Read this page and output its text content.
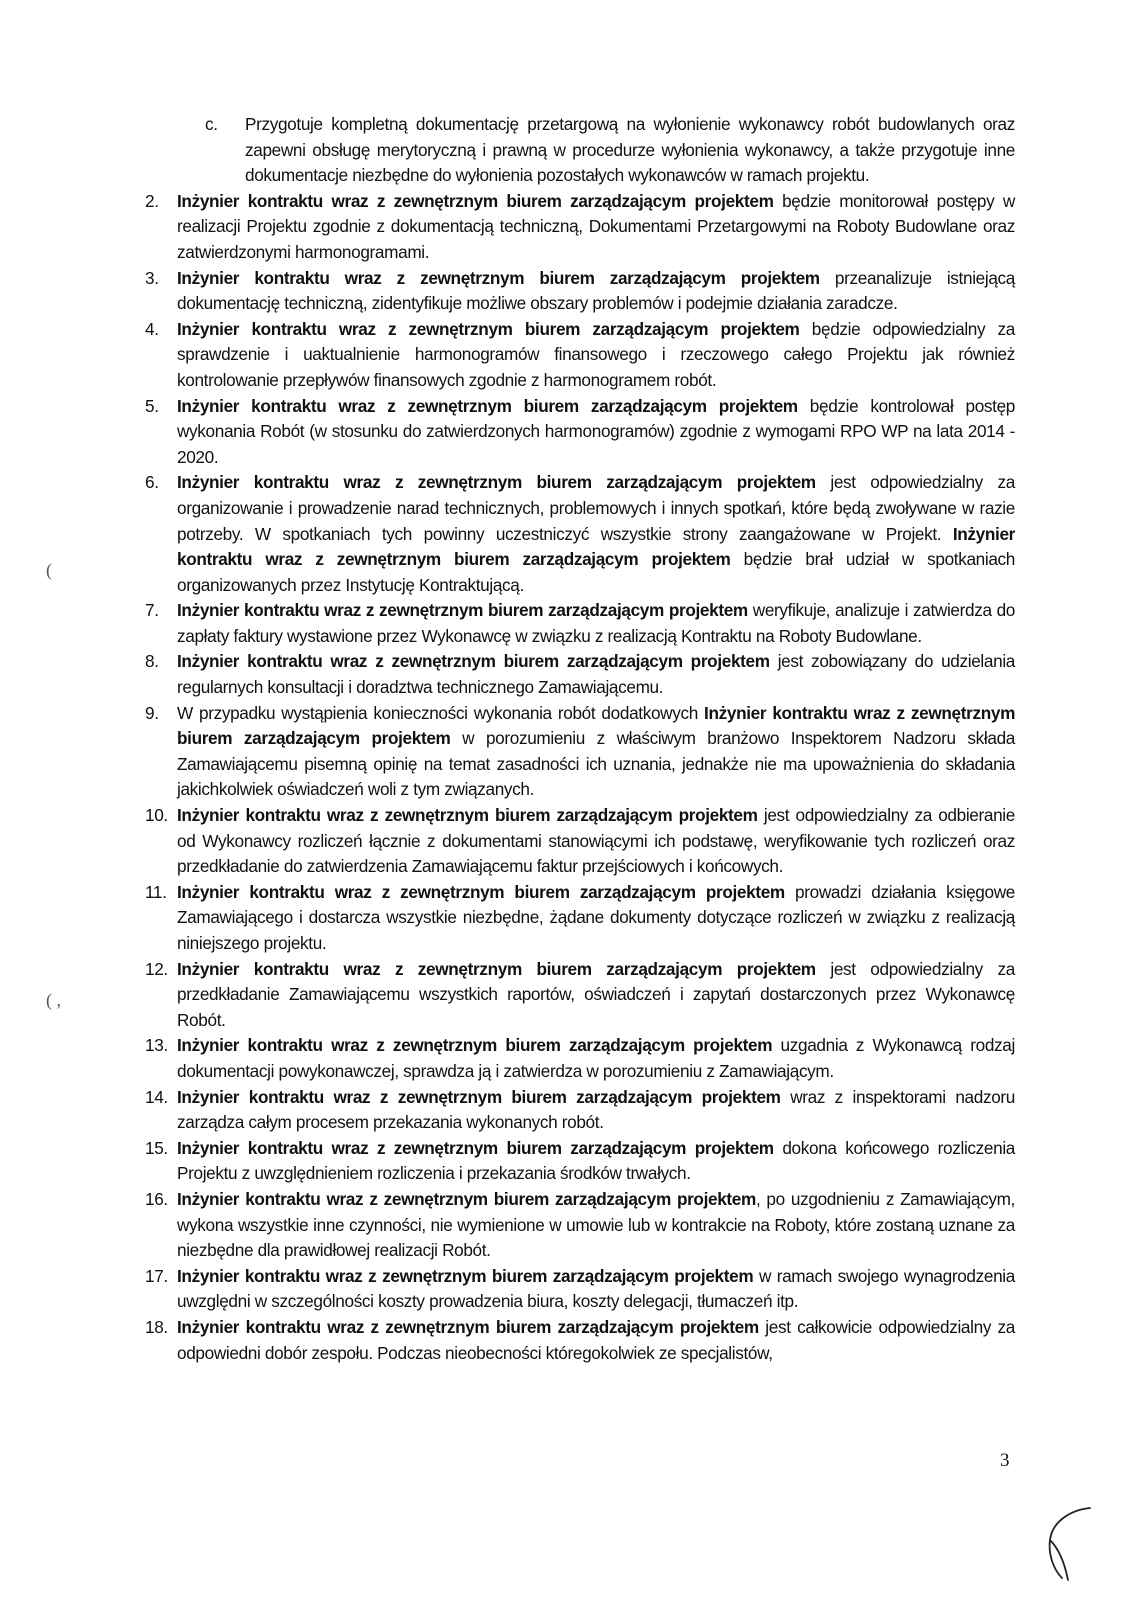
c.	Przygotuje kompletną dokumentację przetargową na wyłonienie wykonawcy robót budowlanych oraz zapewni obsługę merytoryczną i prawną w procedurze wyłonienia wykonawcy, a także przygotuje inne dokumentacje niezbędne do wyłonienia pozostałych wykonawców w ramach projektu.
2.	Inżynier kontraktu wraz z zewnętrznym biurem zarządzającym projektem będzie monitorował postępy w realizacji Projektu zgodnie z dokumentacją techniczną, Dokumentami Przetargowymi na Roboty Budowlane oraz zatwierdzonymi harmonogramami.
3.	Inżynier kontraktu wraz z zewnętrznym biurem zarządzającym projektem przeanalizuje istniejącą dokumentację techniczną, zidentyfikuje możliwe obszary problemów i podejmie działania zaradcze.
4.	Inżynier kontraktu wraz z zewnętrznym biurem zarządzającym projektem będzie odpowiedzialny za sprawdzenie i uaktualnienie harmonogramów finansowego i rzeczowego całego Projektu jak również kontrolowanie przepływów finansowych zgodnie z harmonogramem robót.
5.	Inżynier kontraktu wraz z zewnętrznym biurem zarządzającym projektem będzie kontrolował postęp wykonania Robót (w stosunku do zatwierdzonych harmonogramów) zgodnie z wymogami RPO WP na lata 2014 - 2020.
6.	Inżynier kontraktu wraz z zewnętrznym biurem zarządzającym projektem jest odpowiedzialny za organizowanie i prowadzenie narad technicznych, problemowych i innych spotkań, które będą zwoływane w razie potrzeby. W spotkaniach tych powinny uczestniczyć wszystkie strony zaangażowane w Projekt. Inżynier kontraktu wraz z zewnętrznym biurem zarządzającym projektem będzie brał udział w spotkaniach organizowanych przez Instytucję Kontraktującą.
7.	Inżynier kontraktu wraz z zewnętrznym biurem zarządzającym projektem weryfikuje, analizuje i zatwierdza do zapłaty faktury wystawione przez Wykonawcę w związku z realizacją Kontraktu na Roboty Budowlane.
8.	Inżynier kontraktu wraz z zewnętrznym biurem zarządzającym projektem jest zobowiązany do udzielania regularnych konsultacji i doradztwa technicznego Zamawiającemu.
9.	W przypadku wystąpienia konieczności wykonania robót dodatkowych Inżynier kontraktu wraz z zewnętrznym biurem zarządzającym projektem w porozumieniu z właściwym branżowo Inspektorem Nadzoru składa Zamawiającemu pisemną opinię na temat zasadności ich uznania, jednakże nie ma upoważnienia do składania jakichkolwiek oświadczeń woli z tym związanych.
10. Inżynier kontraktu wraz z zewnętrznym biurem zarządzającym projektem jest odpowiedzialny za odbieranie od Wykonawcy rozliczeń łącznie z dokumentami stanowiącymi ich podstawę, weryfikowanie tych rozliczeń oraz przedkładanie do zatwierdzenia Zamawiającemu faktur przejściowych i końcowych.
11. Inżynier kontraktu wraz z zewnętrznym biurem zarządzającym projektem prowadzi działania księgowe Zamawiającego i dostarcza wszystkie niezbędne, żądane dokumenty dotyczące rozliczeń w związku z realizacją niniejszego projektu.
12. Inżynier kontraktu wraz z zewnętrznym biurem zarządzającym projektem jest odpowiedzialny za przedkładanie Zamawiającemu wszystkich raportów, oświadczeń i zapytań dostarczonych przez Wykonawcę Robót.
13. Inżynier kontraktu wraz z zewnętrznym biurem zarządzającym projektem uzgadnia z Wykonawcą rodzaj dokumentacji powykonawczej, sprawdza ją i zatwierdza w porozumieniu z Zamawiającym.
14. Inżynier kontraktu wraz z zewnętrznym biurem zarządzającym projektem wraz z inspektorami nadzoru zarządza całym procesem przekazania wykonanych robót.
15. Inżynier kontraktu wraz z zewnętrznym biurem zarządzającym projektem dokona końcowego rozliczenia Projektu z uwzględnieniem rozliczenia i przekazania środków trwałych.
16. Inżynier kontraktu wraz z zewnętrznym biurem zarządzającym projektem, po uzgodnieniu z Zamawiającym, wykona wszystkie inne czynności, nie wymienione w umowie lub w kontrakcie na Roboty, które zostaną uznane za niezbędne dla prawidłowej realizacji Robót.
17. Inżynier kontraktu wraz z zewnętrznym biurem zarządzającym projektem w ramach swojego wynagrodzenia uwzględni w szczególności koszty prowadzenia biura, koszty delegacji, tłumaczeń itp.
18. Inżynier kontraktu wraz z zewnętrznym biurem zarządzającym projektem jest całkowicie odpowiedzialny za odpowiedni dobór zespołu. Podczas nieobecności któregokolwiek ze specjalistów,
(
( ,
3
